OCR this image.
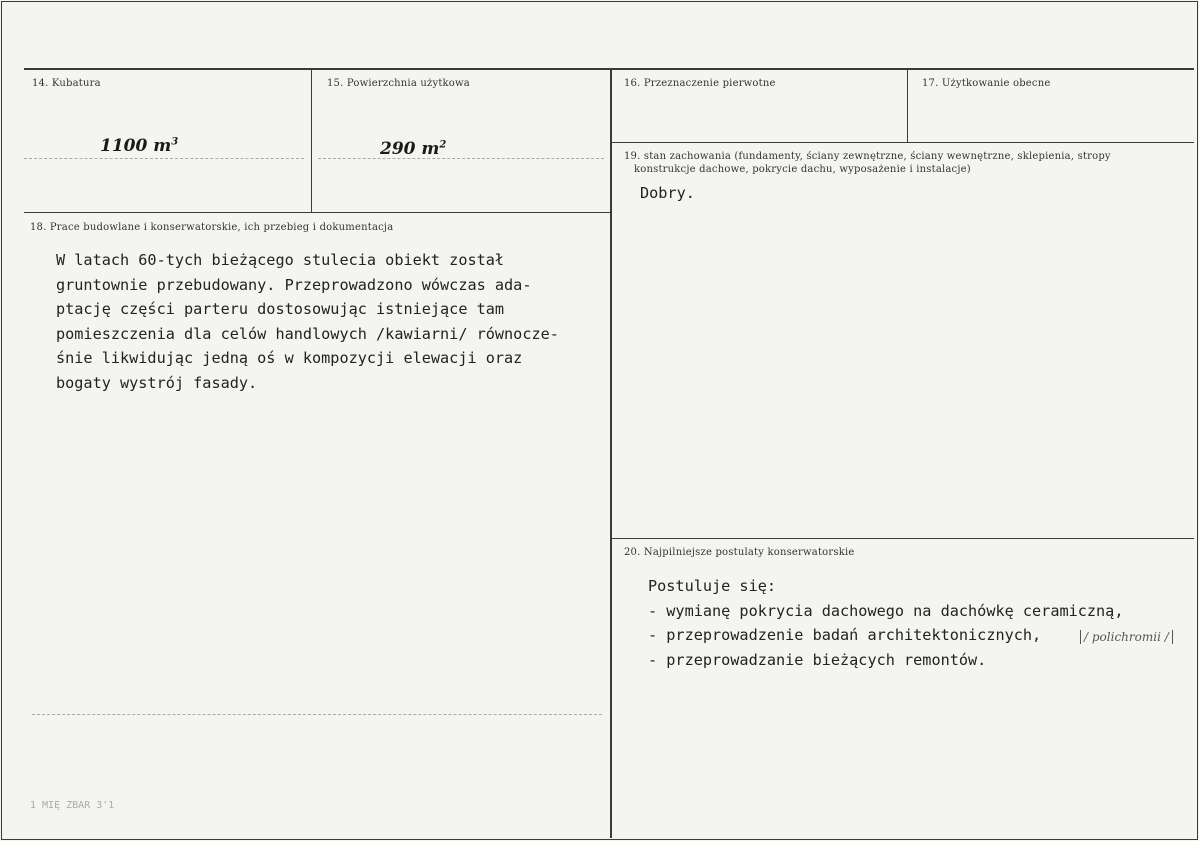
14. Kubatura
1100 $m^3$
15. Powierzchnia użytkowa
290 $m^2$
16. Przeznaczenie pierwotne	17. Użytkowanie obecne
18. Prace budowlane i konserwatorskie, ich przebieg i dokumentacja
W latach 60-tych bieżącego stulecia obiekt został
gruntownie przebudowany. Przeprowadzono wówczas ada-
ptację części parteru dostosowując istniejące tam
pomieszczenia dla celów handlowych /kawiarni/ równocze-
śnie likwidując jedną oś w kompozycji elewacji oraz
bogaty wystrój fasady.
19. stan zachowania (fundamenty, ściany zewnętrzne, ściany wewnętrzne, sklepienia, stropy
konstrukcje dachowe, pokrycie dachu, wyposażenie i instalacje)
Dobry.
20. Najpilniejsze postulaty konserwatorskie
Postuluje się:
- wymianę pokrycia dachowego na dachówkę ceramiczną,
- przeprowadzenie badań architektonicznych,
- przeprowadzanie bieżących remontów.
/ polichromii /
1 MIĘ ZBAR 3'1
